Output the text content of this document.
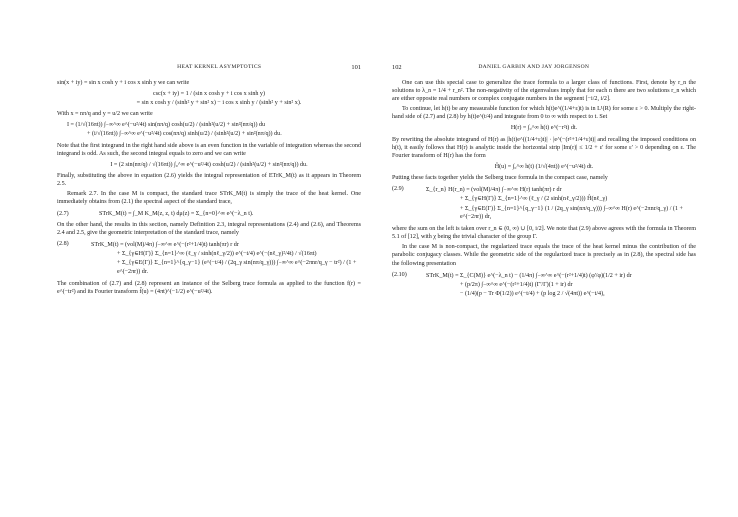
HEAT KERNEL ASYMPTOTICS	101
sin(x + iy) = sin x cosh y + i cos x sinh y we can write
csc(x + iy) = 1 / (sin x cosh y + i cos x sinh y)
= sin x cosh y / (sinh² y + sin² x) − i cos x sinh y / (sinh² y + sin² x).
With x = nπ/q and y = u/2 we can write
I = (1/√(16πt)) ∫₋∞^∞ e^(−u²/4t) sin(nπ/q) cosh(u/2) / (sinh²(u/2) + sin²(nπ/q)) du
+ (i/√(16πt)) ∫₋∞^∞ e^(−u²/4t) cos(nπ/q) sinh(u/2) / (sinh²(u/2) + sin²(nπ/q)) du.

Note that the first integrand in the right hand side above is an even function in the variable of integration whereas the second integrand is odd. As such, the second integral equals to zero and we can write

I = (2 sin(nπ/q) / √(16πt)) ∫₀^∞ e^(−u²/4t) cosh(u/2) / (sinh²(u/2) + sin²(nπ/q)) du.

Finally, substituting the above in equation (2.6) yields the integral representation of ETrK_M(t) as it appears in Theorem 2.5.

Remark 2.7. In the case M is compact, the standard trace STrK_M(t) is simply the trace of the heat kernel. One immediately obtains from (2.1) the spectral aspect of the standard trace,

(2.7)	STrK_M(t) = ∫_M K_M(z, z, t) dμ(z) = Σ_{n=0}^∞ e^(−λ_n t).

On the other hand, the results in this section, namely Definition 2.3, integral representations (2.4) and (2.6), and Theorems 2.4 and 2.5, give the geometric interpretation of the standard trace, namely

(2.8)	STrK_M(t) = (vol(M)/4π) ∫₋∞^∞ e^(−(r²+1/4)t) tanh(πr) r dr
+ Σ_{γ∈H(Γ)} Σ_{n=1}^∞ (ℓ_γ / sinh(nℓ_γ/2)) e^(−t/4) e^(−(nℓ_γ)²/4t) / √(16πt)
+ Σ_{γ∈E(Γ)} Σ_{n=1}^{q_γ−1} (e^(−t/4) / (2q_γ sin(nπ/q_γ))) ∫₋∞^∞ e^(−2πnr/q_γ − tr²) / (1 + e^(−2πr)) dr.

The combination of (2.7) and (2.8) represent an instance of the Selberg trace formula as applied to the function f(r) = e^(−tr²) and its Fourier transform f̂(u) = (4πt)^(−1/2) e^(−u²/4t).

102	DANIEL GARBIN AND JAY JORGENSON

One can use this special case to generalize the trace formula to a larger class of functions. First, denote by r_n the solutions to λ_n = 1/4 + r_n². The non-negativity of the eigenvalues imply that for each n there are two solutions r_n which are either opposite real numbers or complex conjugate numbers in the segment [−i/2, i/2].

To continue, let h(t) be any measurable function for which h(t)e^((1/4+ε)t) is in L¹(R) for some ε > 0. Multiply the right-hand side of (2.7) and (2.8) by h(t)e^(t/4) and integrate from 0 to ∞ with respect to t. Set

H(r) = ∫₀^∞ h(t) e^(−r²t) dt.

By rewriting the absolute integrand of H(r) as |h(t)e^((1/4+ε)t)| · |e^(−(r²+1/4+ε)t)| and recalling the imposed conditions on h(t), it easily follows that H(r) is analytic inside the horizontal strip |Im(r)| ≤ 1/2 + ε' for some ε' > 0 depending on ε. The Fourier transform of H(r) has the form

Ĥ(u) = ∫₀^∞ h(t) (1/√(4πt)) e^(−u²/4t) dt.

Putting these facts together yields the Selberg trace formula in the compact case, namely

(2.9)	Σ_{r_n} H(r_n) = (vol(M)/4π) ∫₋∞^∞ H(r) tanh(πr) r dr
+ Σ_{γ∈H(Γ)} Σ_{n=1}^∞ (ℓ_γ / (2 sinh(nℓ_γ/2))) Ĥ(nℓ_γ)
+ Σ_{γ∈E(Γ)} Σ_{n=1}^{q_γ−1} (1 / (2q_γ sin(nπ/q_γ))) ∫₋∞^∞ H(r) e^(−2πnr/q_γ) / (1 + e^(−2πr)) dr,

where the sum on the left is taken over r_n ∈ (0, ∞) ∪ [0, i/2]. We note that (2.9) above agrees with the formula in Theorem 5.1 of [12], with χ being the trivial character of the group Γ.

In the case M is non-compact, the regularized trace equals the trace of the heat kernel minus the contribution of the parabolic conjugacy classes. While the geometric side of the regularized trace is precisely as in (2.8), the spectral side has the following presentation

(2.10)	STrK_M(t) = Σ_{C(M)} e^(−λ_n t) − (1/4π) ∫₋∞^∞ e^(−(r²+1/4)t) (φ'/φ)(1/2 + ir) dr
+ (p/2π) ∫₋∞^∞ e^(−(r²+1/4)t) (Γ'/Γ)(1 + ir) dr
− (1/4)(p − Tr Φ(1/2)) e^(−t/4) + (p log 2 / √(4πt)) e^(−t/4),
